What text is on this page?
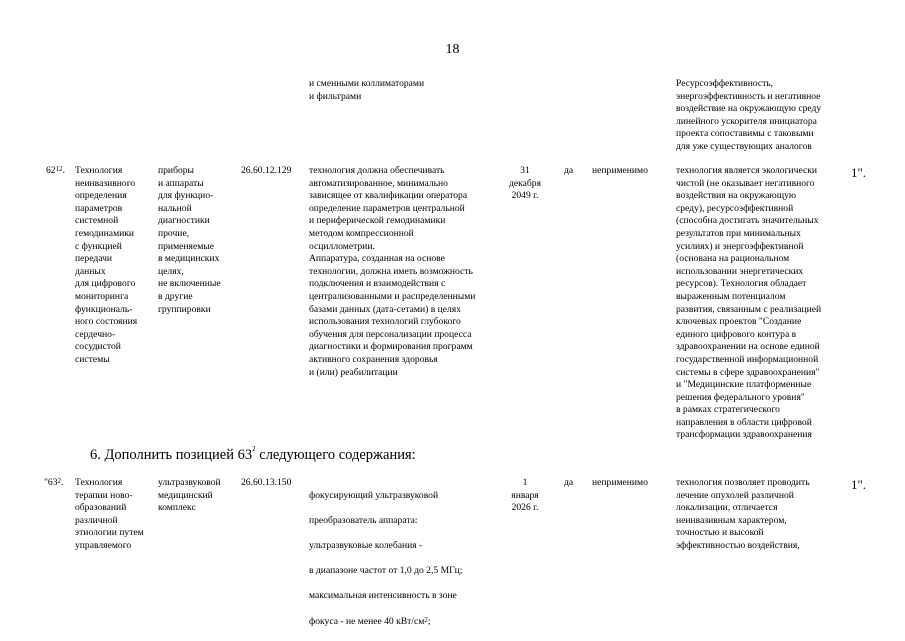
18
и сменными коллиматорами
и фильтрами
Ресурсоэффективность,
энергоэффективность и негативное
воздействие на окружающую среду
линейного ускорителя инициатора
проекта сопоставимы с таковыми
для уже существующих аналогов
$62^{12}$. Технология
неинвазивного
определения
параметров
системной
гемодинамики
с функцией
передачи
данных
для цифрового
мониторинга
функциональ-
ного состояния
сердечно-
сосудистой
системы
приборы
и аппараты
для функцио-
нальной
диагностики
прочие,
применяемые
в медицинских
целях,
не включенные
в другие
группировки
26.60.12.129 технология должна обеспечивать
автоматизированное, минимально
зависящее от квалификации оператора
определение параметров центральной
и периферической гемодинамики
методом компрессионной
осциллометрии.
Аппаратура, созданная на основе
технологии, должна иметь возможность
подключения и взаимодействия с
централизованными и распределенными
базами данных (дата-сетами) в целях
использования технологий глубокого
обучения для персонализации процесса
диагностики и формирования программ
активного сохранения здоровья
и (или) реабилитации
31
декабря
2049 г.
да неприменимо	технология является экологически
чистой (не оказывает негативного
воздействия на окружающую
среду), ресурсоэффективной
(способна достигать значительных
результатов при минимальных
усилиях) и энергоэффективной
(основана на рациональном
использовании энергетических
ресурсов). Технология обладает
выраженным потенциалом
развития, связанным с реализацией
ключевых проектов "Создание
единого цифрового контура в
здравоохранении на основе единой
государственной информационной
системы в сфере здравоохранения"
и "Медицинские платформенные
решения федерального уровня"
в рамках стратегического
направления в области цифровой
трансформации здравоохранения
1".
6. Дополнить позицией $63^2$ следующего содержания:
"$63^2$. Технология
терапии ново-
образований
различной
этиологии путем
управляемого
ультразвуковой
медицинский
комплекс
26.60.13.150

фокусирующий ультразвуковой

преобразователь аппарата:

ультразвуковые колебания -

в диапазоне частот от 1,0 до 2,5 МГц;

максимальная интенсивность в зоне

фокуса - не менее 40 кВт/$см^2$;

1
января
2026 г.
да неприменимо	технология позволяет проводить
лечение опухолей различной
локализации, отличается
неинвазивным характером,
точностью и высокой
эффективностью воздействия,
1".
